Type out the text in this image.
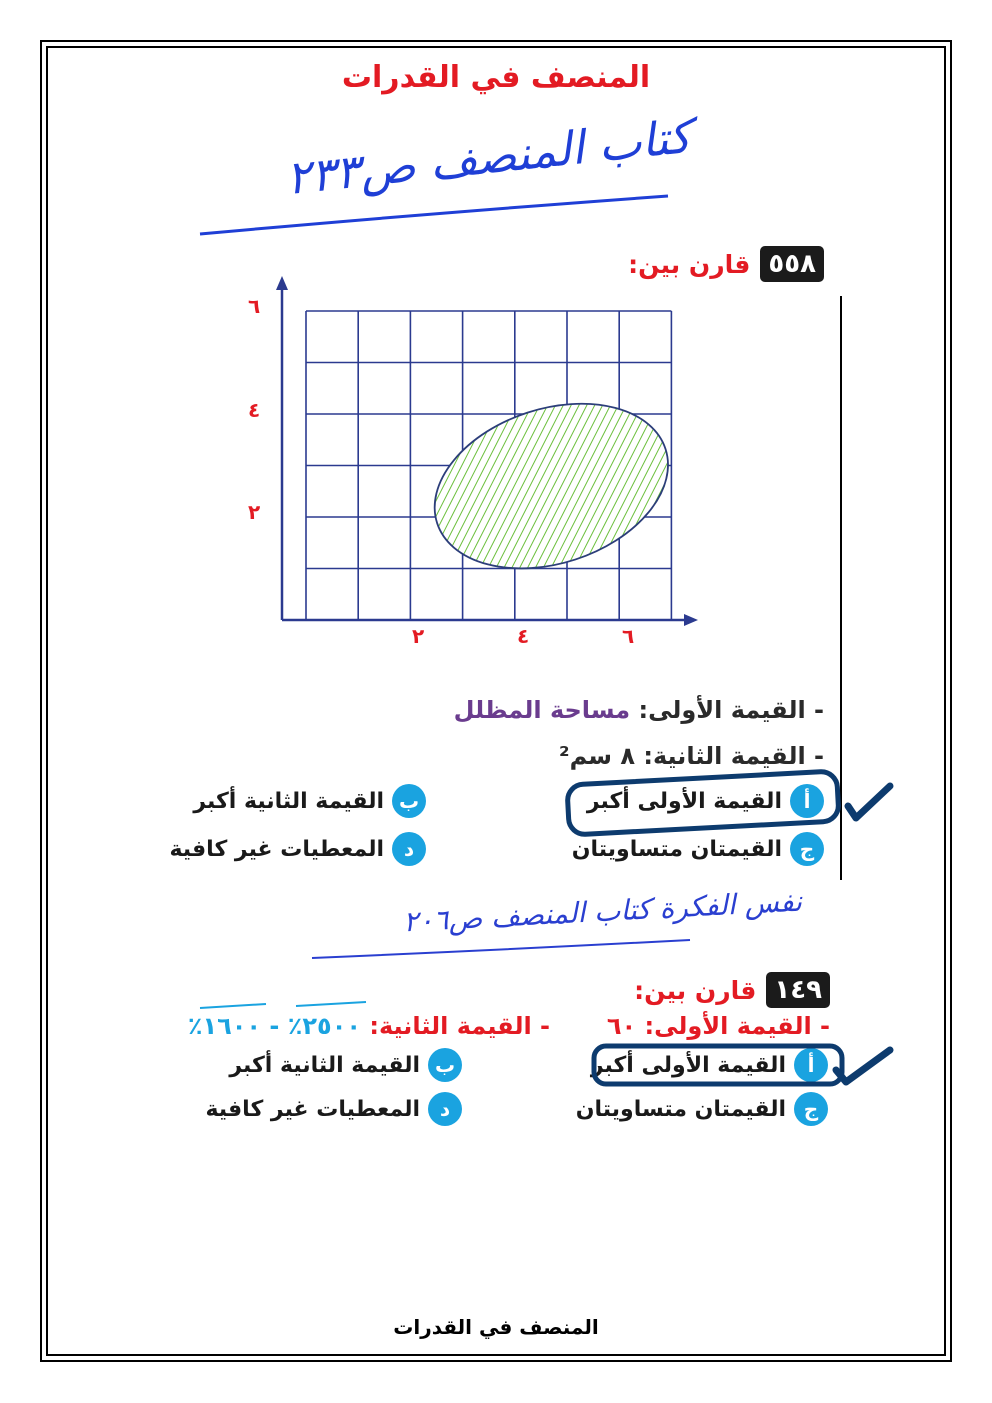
المنصف في القدرات
كتاب المنصف ص٢٣٣
٥٥٨
قارن بين:
٢	٤	٦
٢
٤
٦
- القيمة الأولى: مساحة المظلل
- القيمة الثانية: ٨ سم²
أ
القيمة الأولى أكبر
ب
القيمة الثانية أكبر
ج
القيمتان متساويتان
د
المعطيات غير كافية
نفس الفكرة كتاب المنصف ص٢٠٦
١٤٩
قارن بين:
- القيمة الأولى: ٦٠
- القيمة الثانية: ٢٥٠٠٪ - ١٦٠٠٪
أ
القيمة الأولى أكبر
ب
القيمة الثانية أكبر
ج
القيمتان متساويتان
د
المعطيات غير كافية
المنصف في القدرات
